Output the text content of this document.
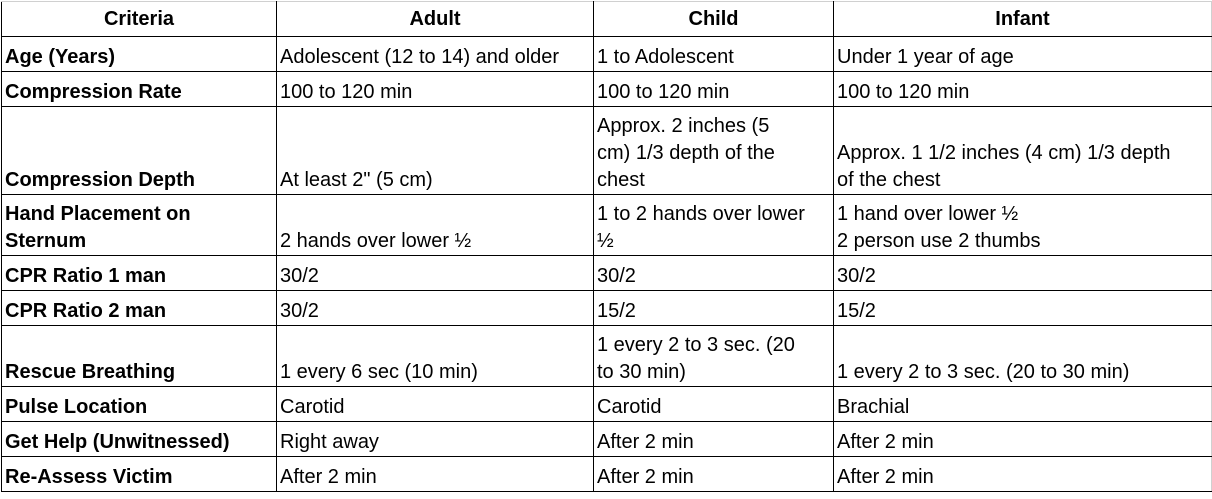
Criteria	Adult	Child	Infant

Age (Years)	Adolescent (12 to 14) and older	1 to Adolescent	Under 1 year of age

Compression Rate	100 to 120 min	100 to 120 min	100 to 120 min

Compression Depth	At least 2" (5 cm)	Approx. 2 inches (5
cm) 1/3 depth of the
chest	Approx. 1 1/2 inches (4 cm) 1/3 depth
of the chest

Hand Placement on
Sternum	2 hands over lower ½	1 to 2 hands over lower
½	1 hand over lower ½
2 person use 2 thumbs

CPR Ratio 1 man	30/2	30/2	30/2

CPR Ratio 2 man	30/2	15/2	15/2

Rescue Breathing	1 every 6 sec (10 min)	1 every 2 to 3 sec. (20
to 30 min)	1 every 2 to 3 sec. (20 to 30 min)

Pulse Location	Carotid	Carotid	Brachial

Get Help (Unwitnessed)	Right away	After 2 min	After 2 min

Re-Assess Victim	After 2 min	After 2 min	After 2 min
